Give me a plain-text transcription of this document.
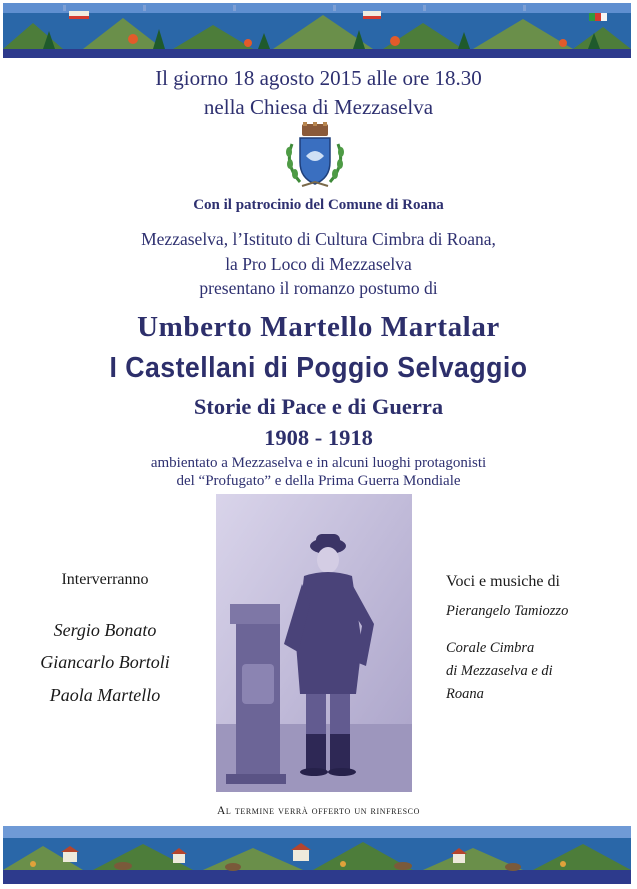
Il giorno 18 agosto 2015 alle ore 18.30
nella Chiesa di Mezzaselva
Con il patrocinio del Comune di Roana
Mezzaselva, l’Istituto di Cultura Cimbra di Roana,
la Pro Loco di Mezzaselva
presentano il romanzo postumo di
Umberto Martello Martalar
I Castellani di Poggio Selvaggio
Storie di Pace e di Guerra
1908 - 1918
ambientato a Mezzaselva e in alcuni luoghi protagonisti
del “Profugato” e della Prima Guerra Mondiale
Interverranno
Sergio Bonato
Giancarlo Bortoli
Paola Martello
Voci e musiche di
Pierangelo Tamiozzo
Corale Cimbra
di Mezzaselva e di
Roana
Al termine verrà offerto un rinfresco
